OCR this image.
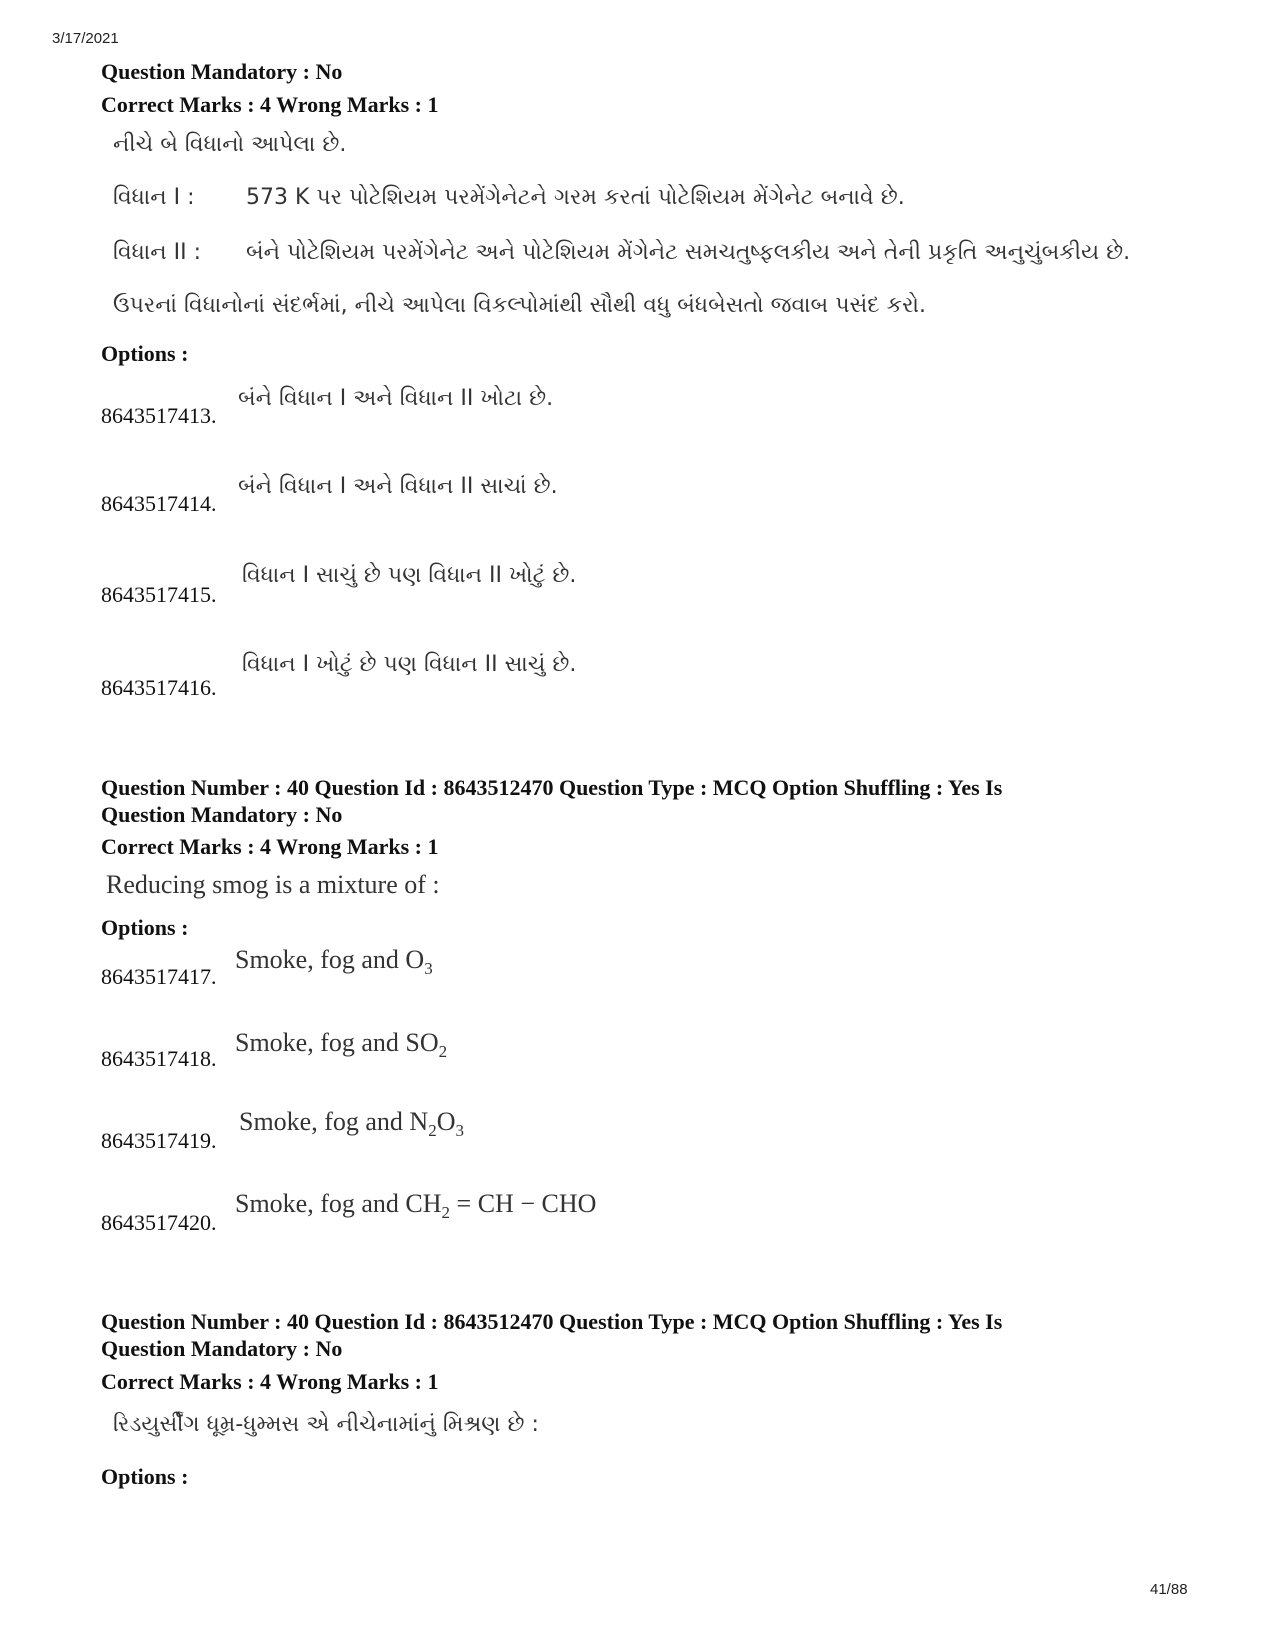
3/17/2021
Question Mandatory : No
Correct Marks : 4 Wrong Marks : 1
નીચે બે વિધાનો આપેલા છે.
વિધાન I : 573 K પર પોટેશિયમ પરમેંગેનેટને ગરમ કરતાં પોટેશિયમ મેંગેનેટ બનાવે છે.
વિધાન II : બંને પોટેશિયમ પરમેંગેનેટ અને પોટેશિયમ મેંગેનેટ સમચતુષ્ફલકીય અને તેની પ્રકૃતિ અનુચુંબકીય છે.
ઉપરનાં વિધાનોનાં સંદર્ભમાં, નીચે આપેલા વિકલ્પોમાંથી સૌથી વધુ બંધબેસતો જવાબ પસંદ કરો.
Options :
બંને વિધાન I અને વિધાન II ખોટા છે.
8643517413.
બંને વિધાન I અને વિધાન II સાચાં છે.
8643517414.
વિધાન I સાચું છે પણ વિધાન II ખોટું છે.
8643517415.
વિધાન I ખોટું છે પણ વિધાન II સાચું છે.
8643517416.
Question Number : 40 Question Id : 8643512470 Question Type : MCQ Option Shuffling : Yes Is
Question Mandatory : No
Correct Marks : 4 Wrong Marks : 1
Reducing smog is a mixture of :
Options :
Smoke, fog and $O_3$
8643517417.
Smoke, fog and $SO_2$
8643517418.
Smoke, fog and $N_2O_3$
8643517419.
Smoke, fog and $CH_2$ = CH − CHO
8643517420.
Question Number : 40 Question Id : 8643512470 Question Type : MCQ Option Shuffling : Yes Is
Question Mandatory : No
Correct Marks : 4 Wrong Marks : 1
રિડયુર્સીંગ ધૂમ્ર-ધુમ્મસ એ નીચેનામાંનું મિશ્રણ છે :
Options :
41/88
